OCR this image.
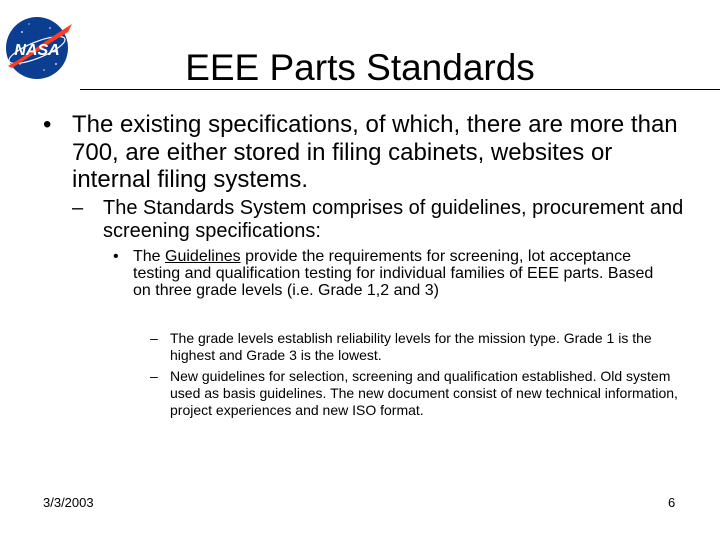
NASA	EEE Parts Standards
• The existing specifications, of which, there are more than 700, are either stored in filing cabinets, websites or internal filing systems.
– The Standards System comprises of guidelines, procurement and screening specifications:
• The Guidelines provide the requirements for screening, lot acceptance testing and qualification testing for individual families of EEE parts. Based on three grade levels (i.e. Grade 1,2 and 3)
– The grade levels establish reliability levels for the mission type. Grade 1 is the highest and Grade 3 is the lowest.
– New guidelines for selection, screening and qualification established. Old system used as basis guidelines. The new document consist of new technical information, project experiences and new ISO format.
3/3/2003	6
